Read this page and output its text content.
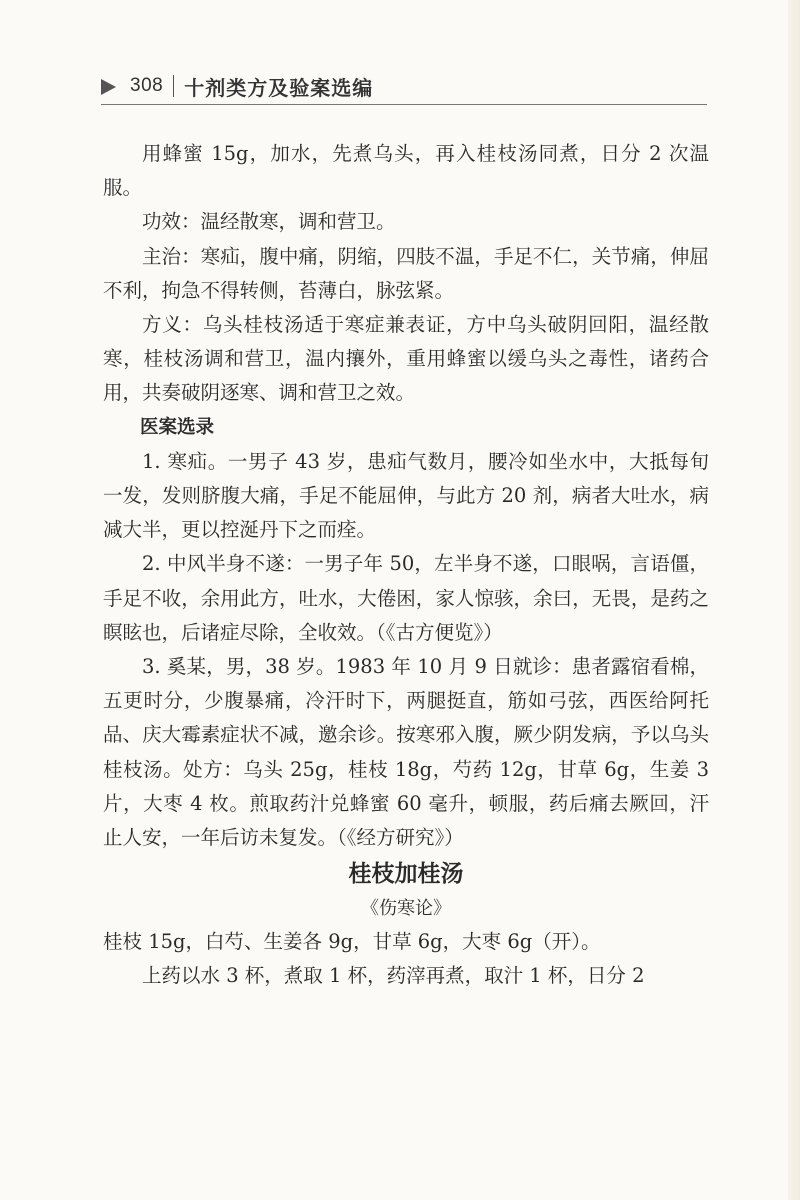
308 十剂类方及验案选编

用蜂蜜 15g，加水，先煮乌头，再入桂枝汤同煮，日分 2 次温服。

功效：温经散寒，调和营卫。

主治：寒疝，腹中痛，阴缩，四肢不温，手足不仁，关节痛，伸屈不利，拘急不得转侧，苔薄白，脉弦紧。

方义：乌头桂枝汤适于寒症兼表证，方中乌头破阴回阳，温经散寒，桂枝汤调和营卫，温内攘外，重用蜂蜜以缓乌头之毒性，诸药合用，共奏破阴逐寒、调和营卫之效。

医案选录

1. 寒疝。一男子 43 岁，患疝气数月，腰冷如坐水中，大抵每旬一发，发则脐腹大痛，手足不能屈伸，与此方 20 剂，病者大吐水，病减大半，更以控涎丹下之而痊。

2. 中风半身不遂：一男子年 50，左半身不遂，口眼㖞，言语僵，手足不收，余用此方，吐水，大倦困，家人惊骇，余曰，无畏，是药之瞑眩也，后诸症尽除，全收效。（《古方便览》）

3. 奚某，男，38 岁。1983 年 10 月 9 日就诊：患者露宿看棉，五更时分，少腹暴痛，冷汗时下，两腿挺直，筋如弓弦，西医给阿托品、庆大霉素症状不减，邀余诊。按寒邪入腹，厥少阴发病，予以乌头桂枝汤。处方：乌头 25g，桂枝 18g，芍药 12g，甘草 6g，生姜 3 片，大枣 4 枚。煎取药汁兑蜂蜜 60 毫升，顿服，药后痛去厥回，汗止人安，一年后访未复发。（《经方研究》）

桂枝加桂汤

《伤寒论》

桂枝 15g，白芍、生姜各 9g，甘草 6g，大枣 6g（开）。

上药以水 3 杯，煮取 1 杯，药滓再煮，取汁 1 杯，日分 2
